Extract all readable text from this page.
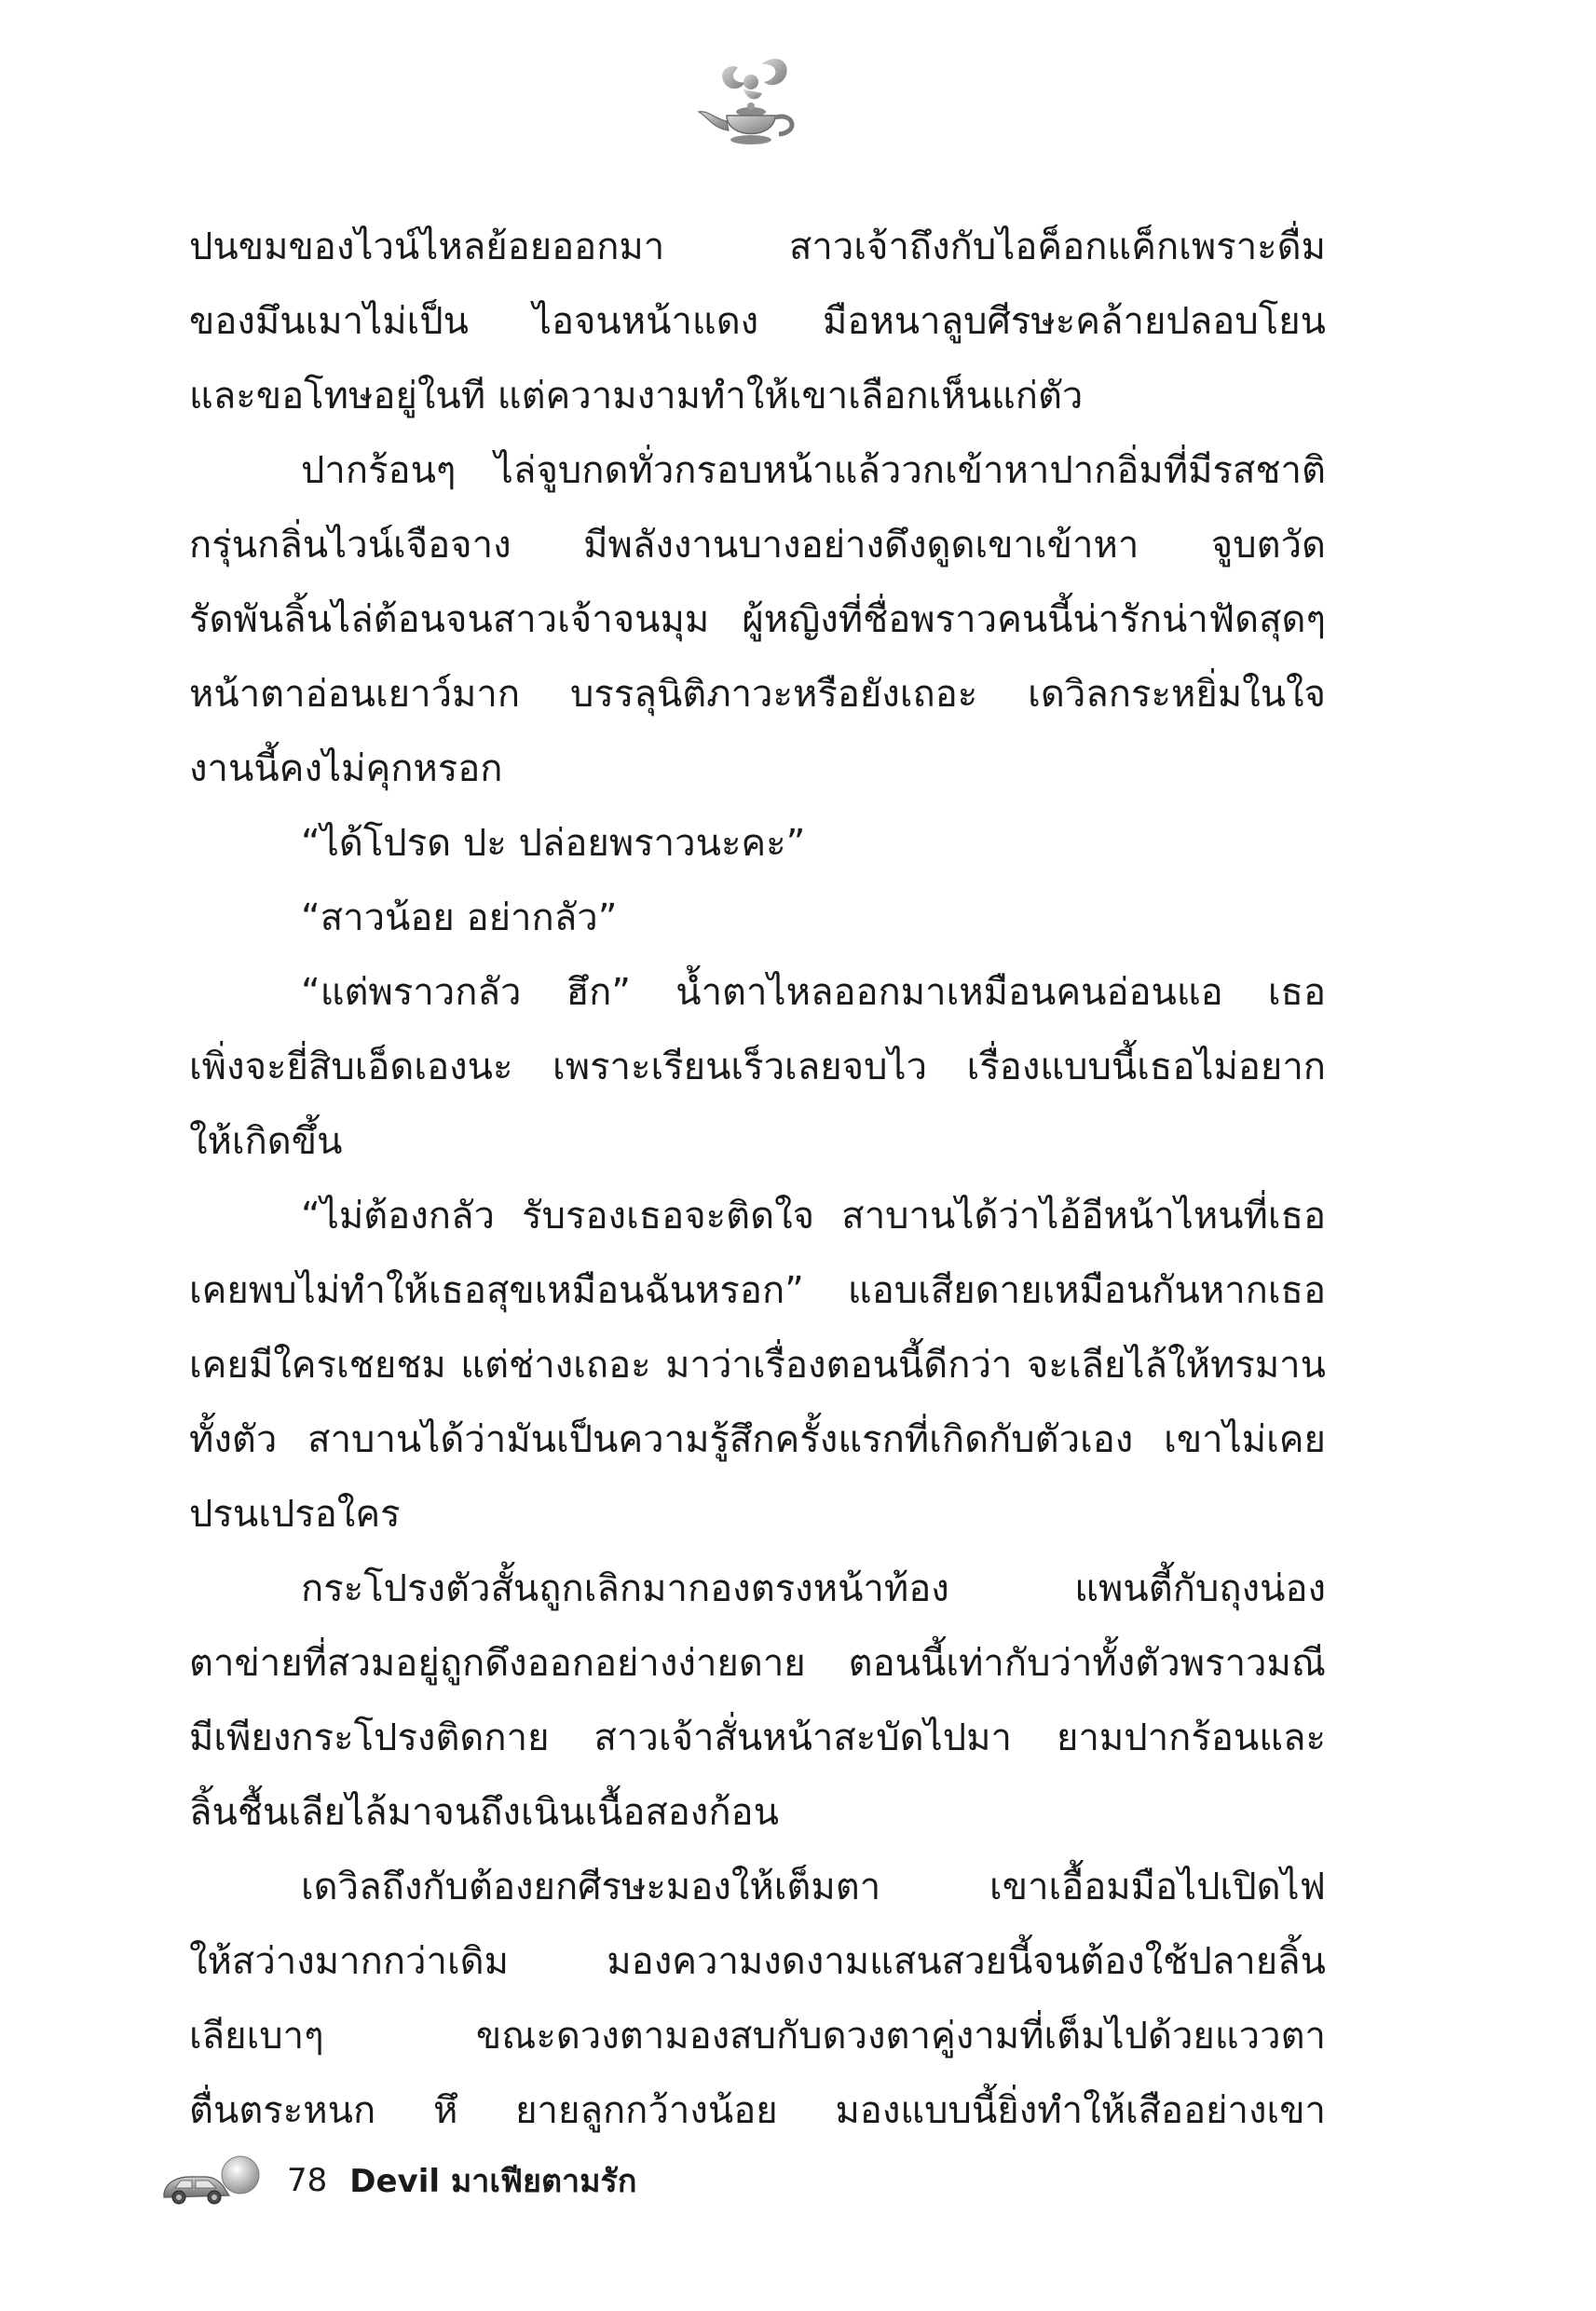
ปนขมของไวน์ไหลย้อยออกมา สาวเจ้าถึงกับไอค็อกแค็กเพราะดื่ม
ของมึนเมาไม่เป็น ไอจนหน้าแดง มือหนาลูบศีรษะคล้ายปลอบโยน
และขอโทษอยู่ในที แต่ความงามทำให้เขาเลือกเห็นแก่ตัว
ปากร้อนๆ ไล่จูบกดทั่วกรอบหน้าแล้ววกเข้าหาปากอิ่มที่มีรสชาติ
กรุ่นกลิ่นไวน์เจือจาง มีพลังงานบางอย่างดึงดูดเขาเข้าหา จูบตวัด
รัดพันลิ้นไล่ต้อนจนสาวเจ้าจนมุม ผู้หญิงที่ชื่อพราวคนนี้น่ารักน่าฟัดสุดๆ
หน้าตาอ่อนเยาว์มาก บรรลุนิติภาวะหรือยังเถอะ เดวิลกระหยิ่มในใจ
งานนี้คงไม่คุกหรอก
“ได้โปรด ปะ ปล่อยพราวนะคะ”
“สาวน้อย อย่ากลัว”
“แต่พราวกลัว ฮึก” น้ำตาไหลออกมาเหมือนคนอ่อนแอ เธอ
เพิ่งจะยี่สิบเอ็ดเองนะ เพราะเรียนเร็วเลยจบไว เรื่องแบบนี้เธอไม่อยาก
ให้เกิดขึ้น
“ไม่ต้องกลัว รับรองเธอจะติดใจ สาบานได้ว่าไอ้อีหน้าไหนที่เธอ
เคยพบไม่ทำให้เธอสุขเหมือนฉันหรอก” แอบเสียดายเหมือนกันหากเธอ
เคยมีใครเชยชม แต่ช่างเถอะ มาว่าเรื่องตอนนี้ดีกว่า จะเลียไล้ให้ทรมาน
ทั้งตัว สาบานได้ว่ามันเป็นความรู้สึกครั้งแรกที่เกิดกับตัวเอง เขาไม่เคย
ปรนเปรอใคร
กระโปรงตัวสั้นถูกเลิกมากองตรงหน้าท้อง แพนตี้กับถุงน่อง
ตาข่ายที่สวมอยู่ถูกดึงออกอย่างง่ายดาย ตอนนี้เท่ากับว่าทั้งตัวพราวมณี
มีเพียงกระโปรงติดกาย สาวเจ้าสั่นหน้าสะบัดไปมา ยามปากร้อนและ
ลิ้นชื้นเลียไล้มาจนถึงเนินเนื้อสองก้อน
เดวิลถึงกับต้องยกศีรษะมองให้เต็มตา เขาเอื้อมมือไปเปิดไฟ
ให้สว่างมากกว่าเดิม มองความงดงามแสนสวยนี้จนต้องใช้ปลายลิ้น
เลียเบาๆ ขณะดวงตามองสบกับดวงตาคู่งามที่เต็มไปด้วยแววตา
ตื่นตระหนก หึ ยายลูกกว้างน้อย มองแบบนี้ยิ่งทำให้เสืออย่างเขา
78 Devil มาเฟียตามรัก
